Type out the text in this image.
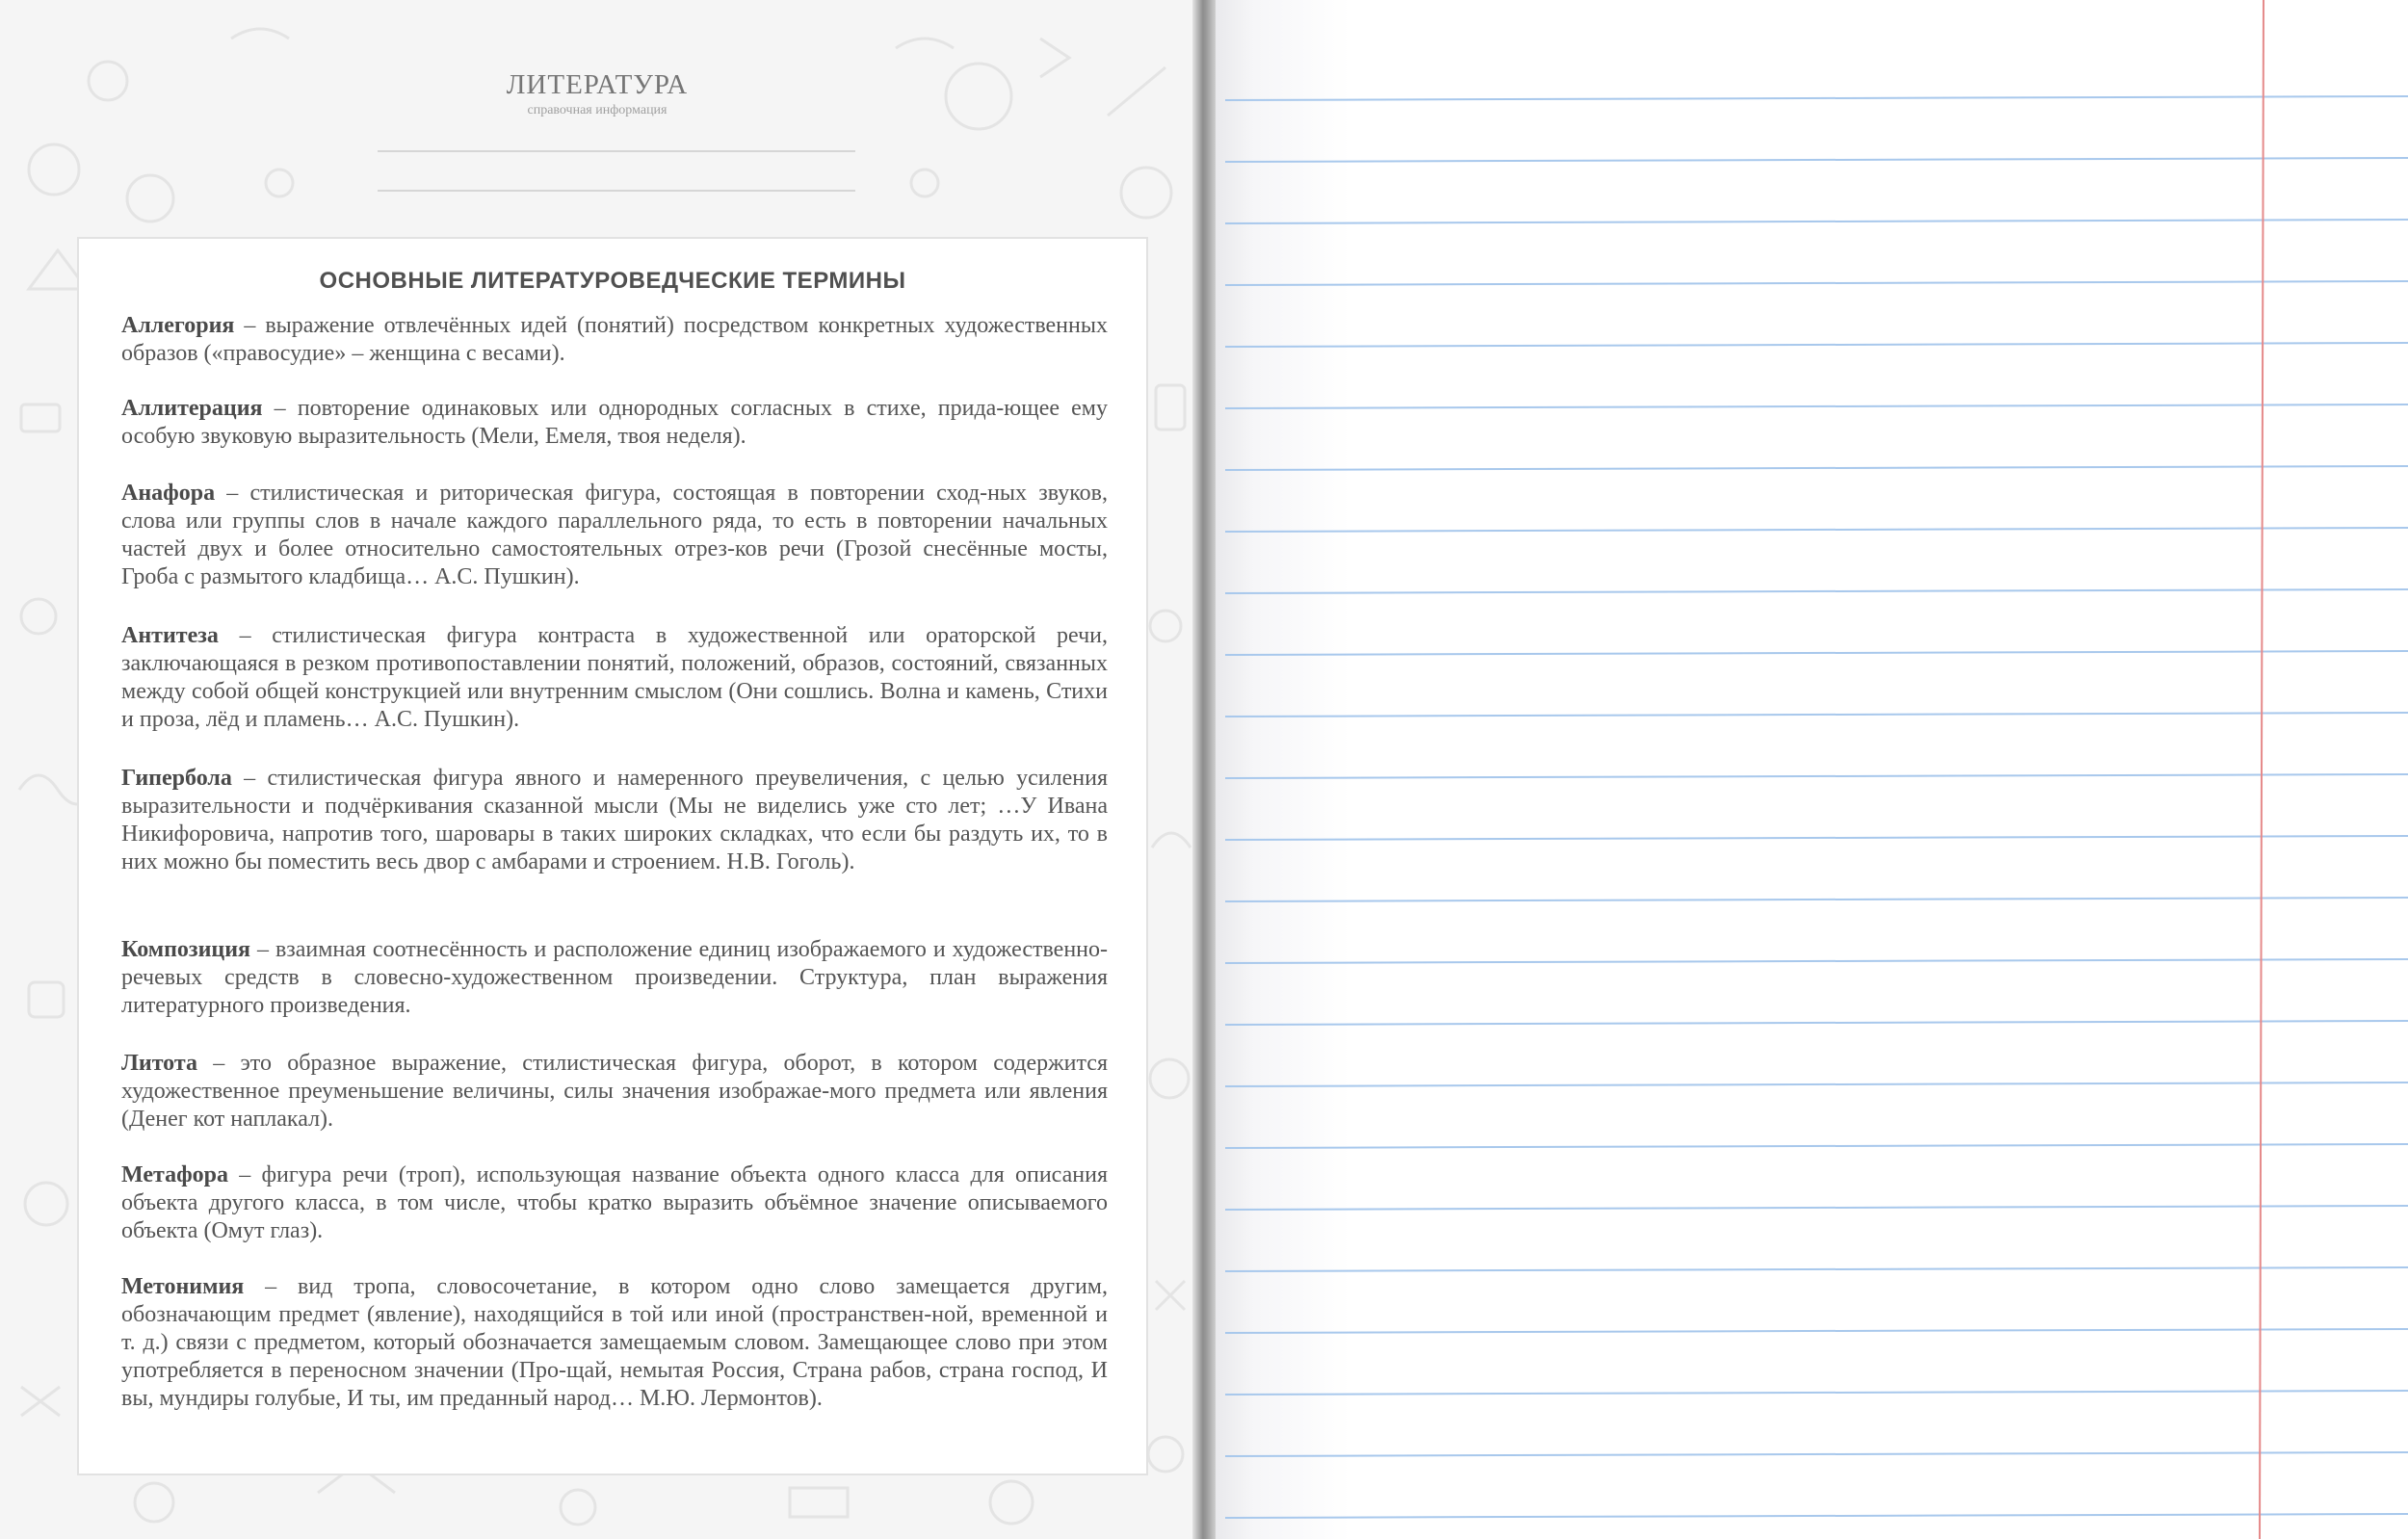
ЛИТЕРАТУРА
справочная информация
ОСНОВНЫЕ ЛИТЕРАТУРОВЕДЧЕСКИЕ ТЕРМИНЫ

Аллегория – выражение отвлечённых идей (понятий) посредством конкретных художественных образов («правосудие» – женщина с весами).

Аллитерация – повторение одинаковых или однородных согласных в стихе, прида-ющее ему особую звуковую выразительность (Мели, Емеля, твоя неделя).

Анафора – стилистическая и риторическая фигура, состоящая в повторении сход-ных звуков, слова или группы слов в начале каждого параллельного ряда, то есть в повторении начальных частей двух и более относительно самостоятельных отрез-ков речи (Грозой снесённые мосты, Гроба с размытого кладбища… А.С. Пушкин).

Антитеза – стилистическая фигура контраста в художественной или ораторской речи, заключающаяся в резком противопоставлении понятий, положений, образов, состояний, связанных между собой общей конструкцией или внутренним смыслом (Они сошлись. Волна и камень, Стихи и проза, лёд и пламень… А.С. Пушкин).

Гипербола – стилистическая фигура явного и намеренного преувеличения, с целью усиления выразительности и подчёркивания сказанной мысли (Мы не виделись уже сто лет; …У Ивана Никифоровича, напротив того, шаровары в таких широких складках, что если бы раздуть их, то в них можно бы поместить весь двор с амбарами и строением. Н.В. Гоголь).

Композиция – взаимная соотнесённость и расположение единиц изображаемого и художественно-речевых средств в словесно-художественном произведении. Структура, план выражения литературного произведения.

Литота – это образное выражение, стилистическая фигура, оборот, в котором содержится художественное преуменьшение величины, силы значения изображае-мого предмета или явления (Денег кот наплакал).

Метафора – фигура речи (троп), использующая название объекта одного класса для описания объекта другого класса, в том числе, чтобы кратко выразить объёмное значение описываемого объекта (Омут глаз).

Метонимия – вид тропа, словосочетание, в котором одно слово замещается другим, обозначающим предмет (явление), находящийся в той или иной (пространствен-ной, временной и т. д.) связи с предметом, который обозначается замещаемым словом. Замещающее слово при этом употребляется в переносном значении (Про-щай, немытая Россия, Страна рабов, страна господ, И вы, мундиры голубые, И ты, им преданный народ… М.Ю. Лермонтов).
